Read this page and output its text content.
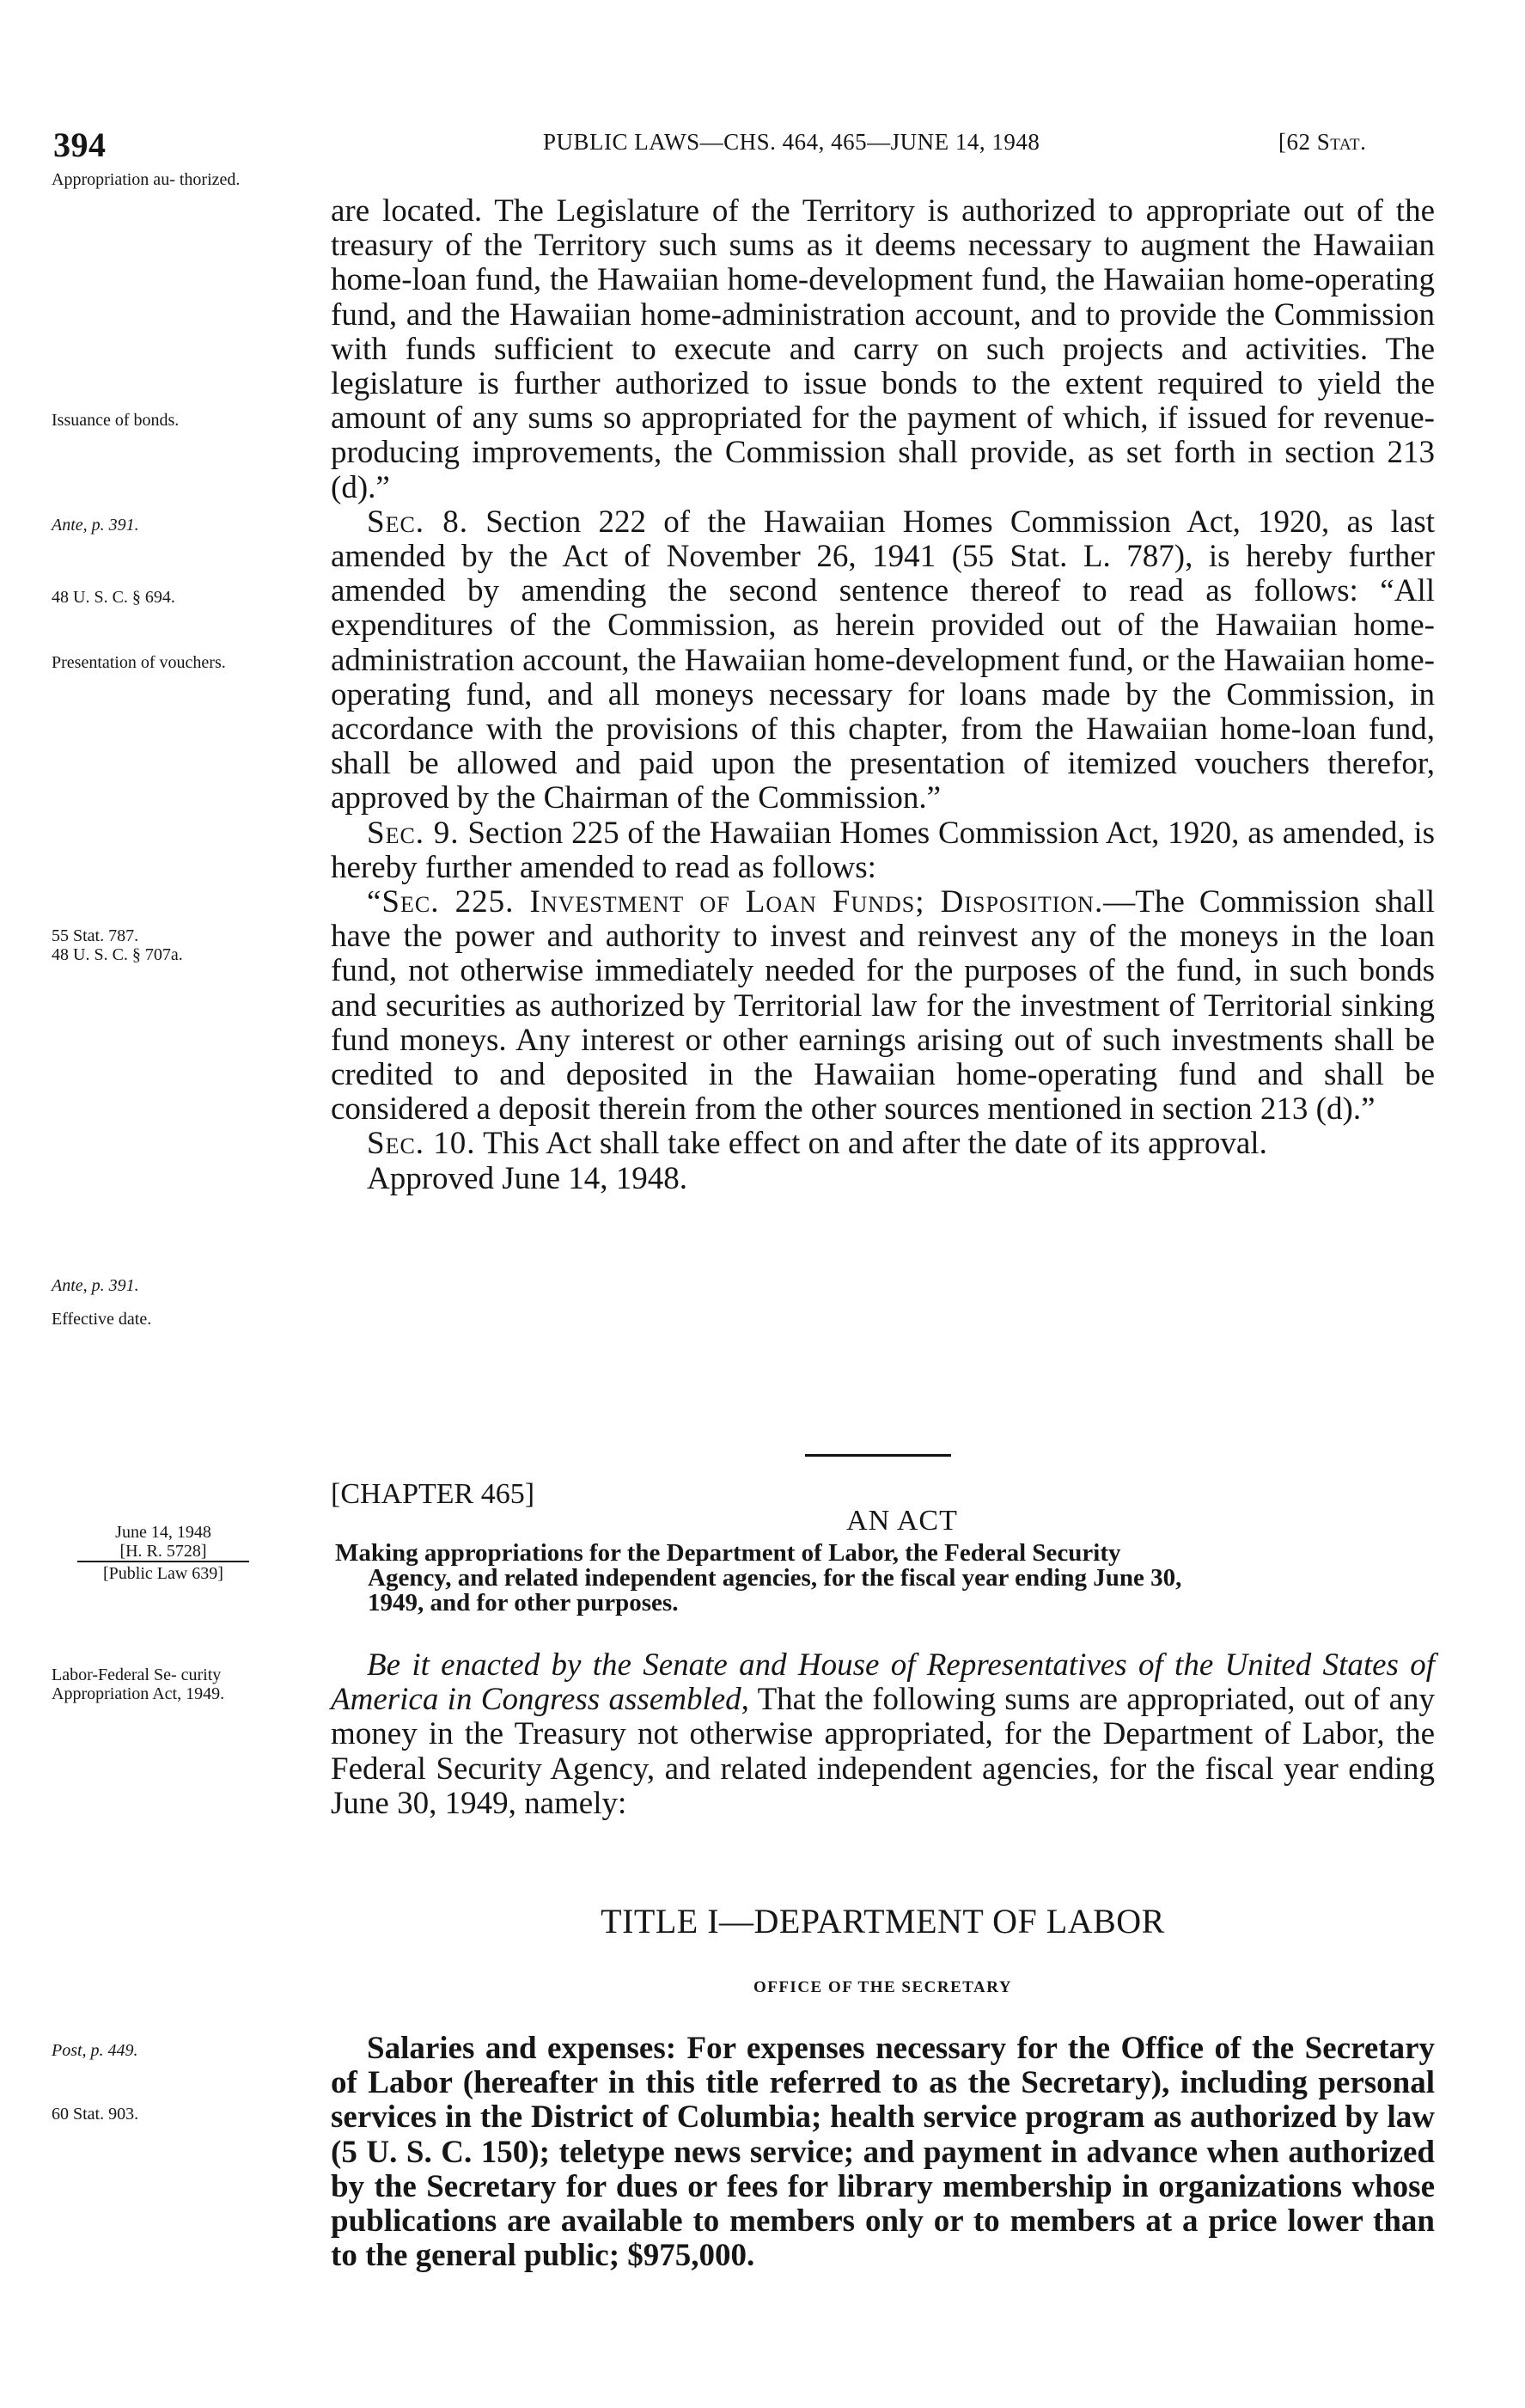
394	PUBLIC LAWS—CHS. 464, 465—JUNE 14, 1948	[62 Stat.
Appropriation au- thorized.
Issuance of bonds.
Ante, p. 391.
48 U. S. C. § 694.
Presentation of vouchers.
55 Stat. 787.
48 U. S. C. § 707a.
Ante, p. 391.
Effective date.
June 14, 1948
[H. R. 5728]
[Public Law 639]
Labor-Federal Se- curity Appropriation Act, 1949.
Post, p. 449.
60 Stat. 903.

are located. The Legislature of the Territory is authorized to appropriate out of the treasury of the Territory such sums as it deems necessary to augment the Hawaiian home-loan fund, the Hawaiian home-development fund, the Hawaiian home-operating fund, and the Hawaiian home-administration account, and to provide the Commission with funds sufficient to execute and carry on such projects and activities. The legislature is further authorized to issue bonds to the extent required to yield the amount of any sums so appropriated for the payment of which, if issued for revenue-producing improvements, the Commission shall provide, as set forth in section 213 (d).”

Sec. 8. Section 222 of the Hawaiian Homes Commission Act, 1920, as last amended by the Act of November 26, 1941 (55 Stat. L. 787), is hereby further amended by amending the second sentence thereof to read as follows: “All expenditures of the Commission, as herein provided out of the Hawaiian home-administration account, the Hawaiian home-development fund, or the Hawaiian home-operating fund, and all moneys necessary for loans made by the Commission, in accordance with the provisions of this chapter, from the Hawaiian home-loan fund, shall be allowed and paid upon the presentation of itemized vouchers therefor, approved by the Chairman of the Commission.”

Sec. 9. Section 225 of the Hawaiian Homes Commission Act, 1920, as amended, is hereby further amended to read as follows:

“Sec. 225. Investment of Loan Funds; Disposition.—The Commission shall have the power and authority to invest and reinvest any of the moneys in the loan fund, not otherwise immediately needed for the purposes of the fund, in such bonds and securities as authorized by Territorial law for the investment of Territorial sinking fund moneys. Any interest or other earnings arising out of such investments shall be credited to and deposited in the Hawaiian home-operating fund and shall be considered a deposit therein from the other sources mentioned in section 213 (d).”

Sec. 10. This Act shall take effect on and after the date of its approval.

Approved June 14, 1948.

[CHAPTER 465]
AN ACT
Making appropriations for the Department of Labor, the Federal Security
Agency, and related independent agencies, for the fiscal year ending June 30,
1949, and for other purposes.

Be it enacted by the Senate and House of Representatives of the United States of America in Congress assembled, That the following sums are appropriated, out of any money in the Treasury not otherwise appropriated, for the Department of Labor, the Federal Security Agency, and related independent agencies, for the fiscal year ending June 30, 1949, namely:

TITLE I—DEPARTMENT OF LABOR
OFFICE OF THE SECRETARY

Salaries and expenses: For expenses necessary for the Office of the Secretary of Labor (hereafter in this title referred to as the Secretary), including personal services in the District of Columbia; health service program as authorized by law (5 U. S. C. 150); teletype news service; and payment in advance when authorized by the Secretary for dues or fees for library membership in organizations whose publications are available to members only or to members at a price lower than to the general public; $975,000.
